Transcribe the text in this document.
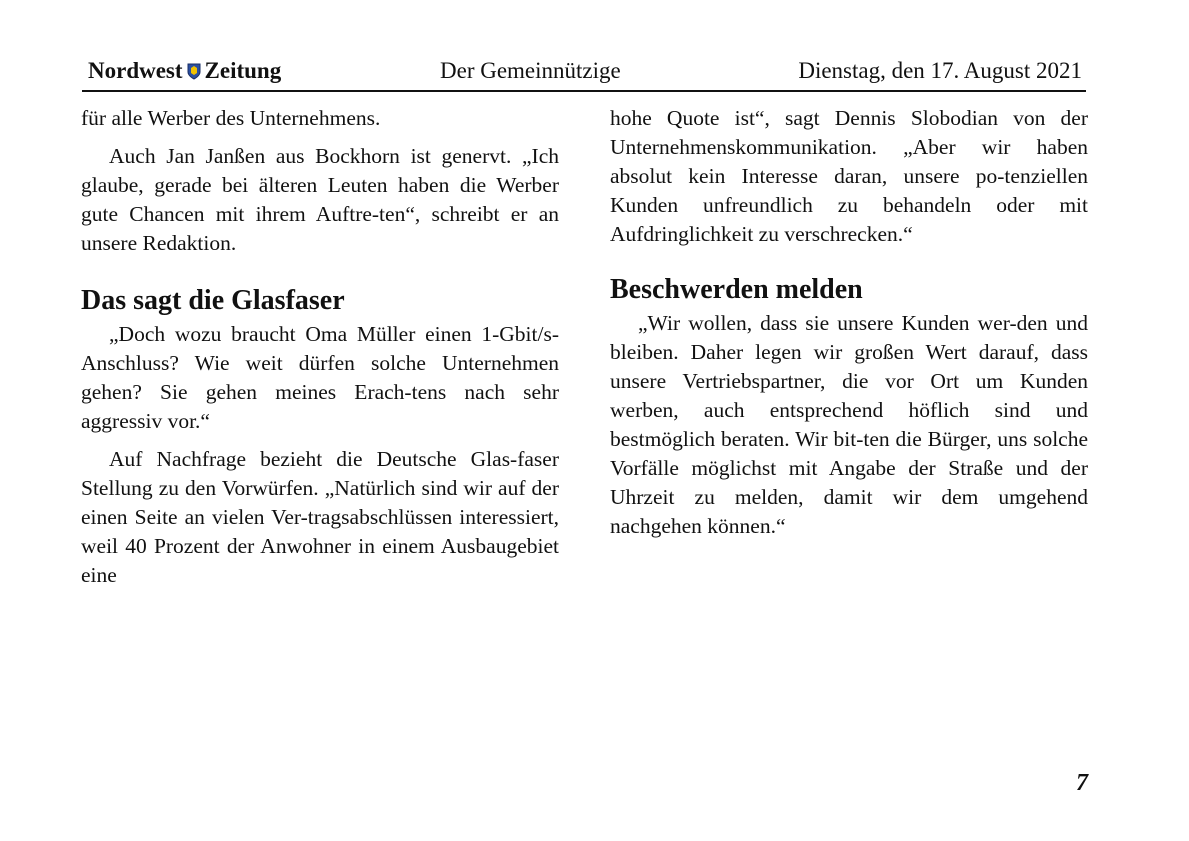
Nordwest Zeitung	Der Gemeinnützige	Dienstag, den 17. August 2021

für alle Werber des Unternehmens.

Auch Jan Janßen aus Bockhorn ist genervt. „Ich glaube, gerade bei älteren Leuten haben die Werber gute Chancen mit ihrem Auftre-ten“, schreibt er an unsere Redaktion.

Das sagt die Glasfaser

„Doch wozu braucht Oma Müller einen 1-Gbit/s-Anschluss? Wie weit dürfen solche Unternehmen gehen? Sie gehen meines Erach-tens nach sehr aggressiv vor.“

Auf Nachfrage bezieht die Deutsche Glas-faser Stellung zu den Vorwürfen. „Natürlich sind wir auf der einen Seite an vielen Ver-tragsabschlüssen interessiert, weil 40 Prozent der Anwohner in einem Ausbaugebiet eine

hohe Quote ist“, sagt Dennis Slobodian von der Unternehmenskommunikation. „Aber wir haben absolut kein Interesse daran, unsere po-tenziellen Kunden unfreundlich zu behandeln oder mit Aufdringlichkeit zu verschrecken.“

Beschwerden melden

„Wir wollen, dass sie unsere Kunden wer-den und bleiben. Daher legen wir großen Wert darauf, dass unsere Vertriebspartner, die vor Ort um Kunden werben, auch entsprechend höflich sind und bestmöglich beraten. Wir bit-ten die Bürger, uns solche Vorfälle möglichst mit Angabe der Straße und der Uhrzeit zu melden, damit wir dem umgehend nachgehen können.“

7
